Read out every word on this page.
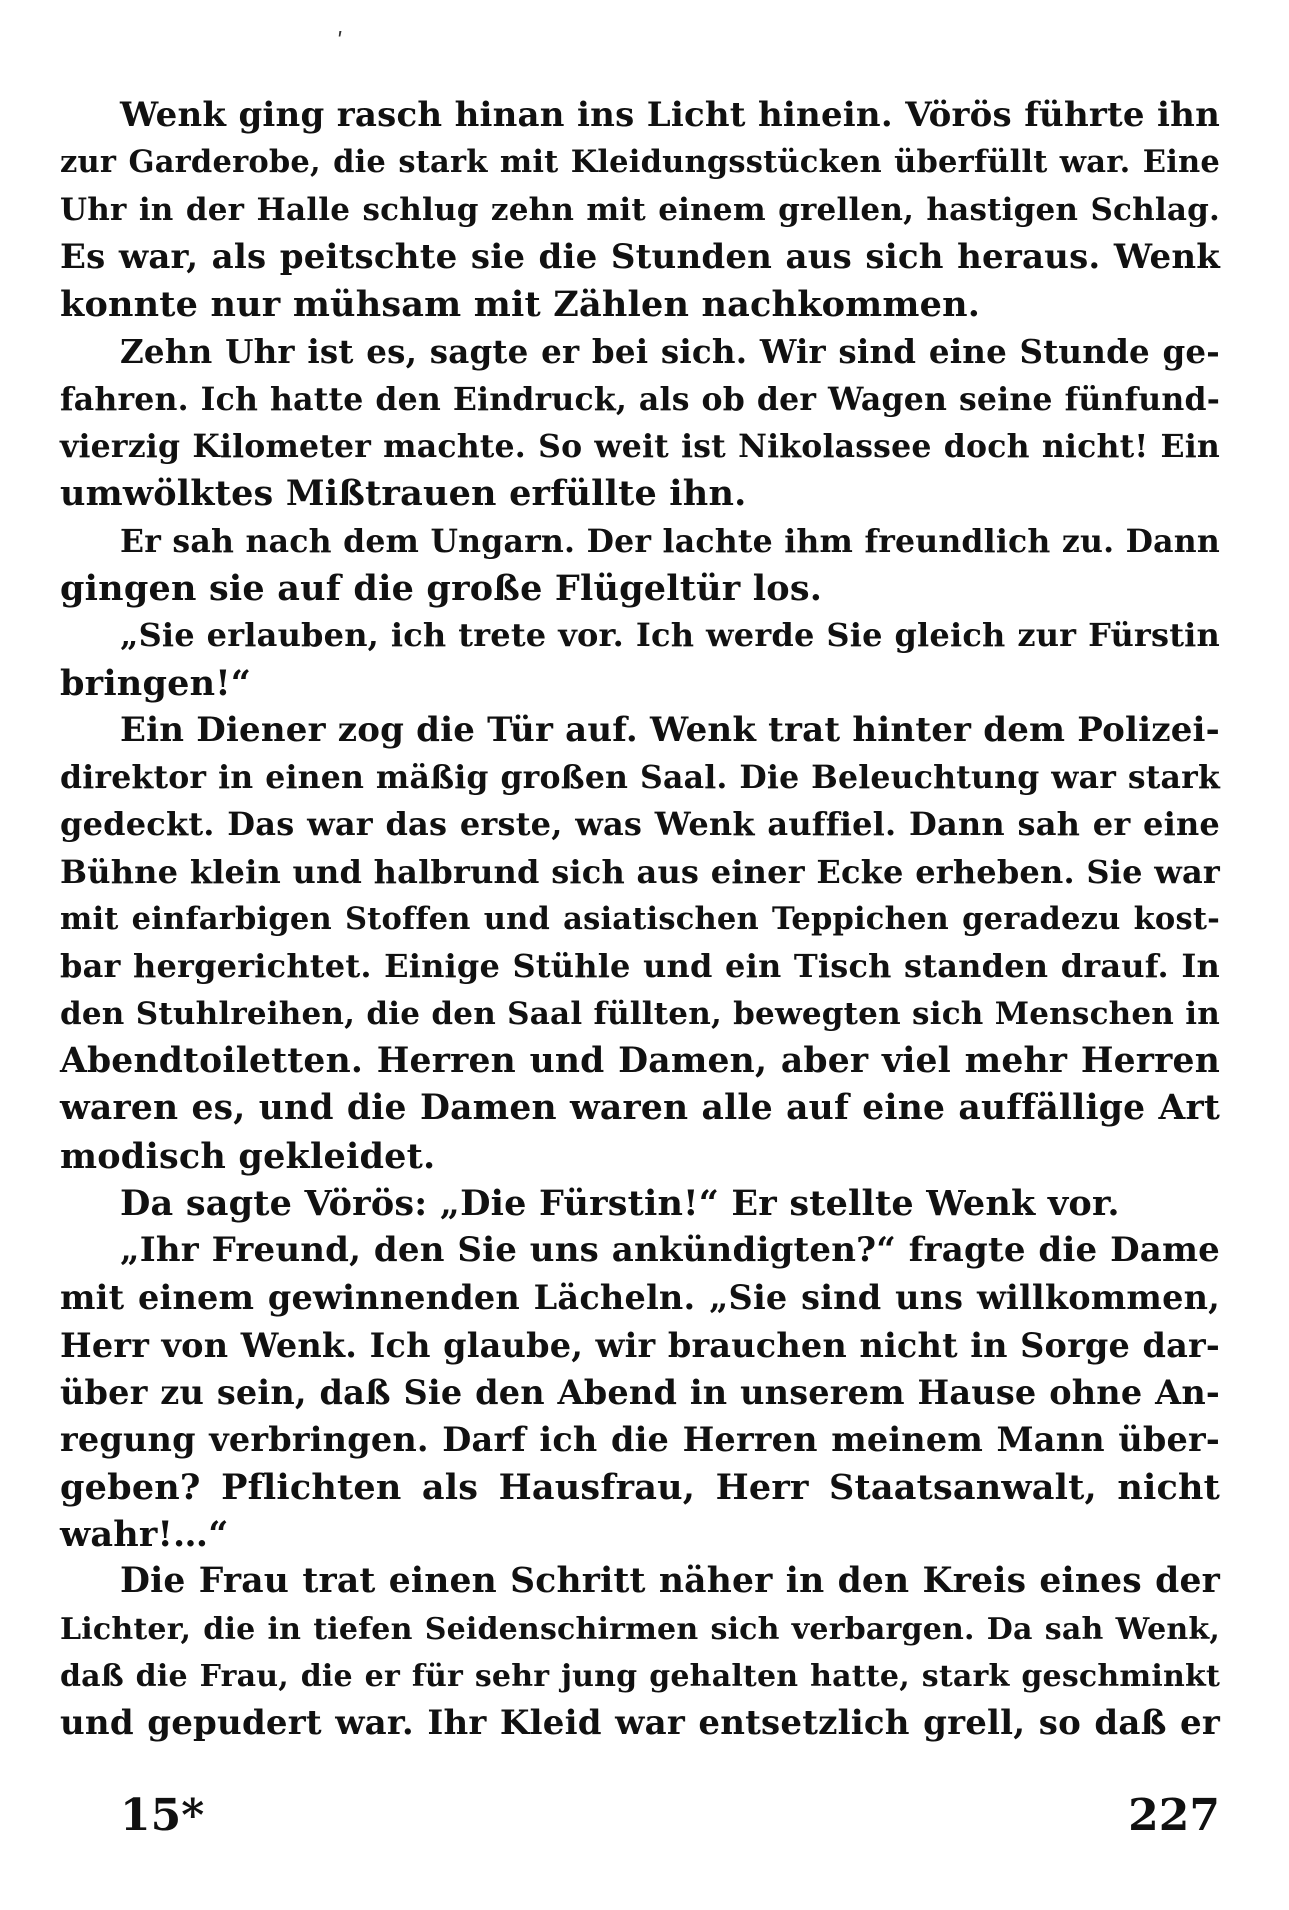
ʹ
Wenk ging rasch hinan ins Licht hinein. Vörös führte ihn
zur Garderobe, die stark mit Kleidungsstücken überfüllt war. Eine
Uhr in der Halle schlug zehn mit einem grellen, hastigen Schlag.
Es war, als peitschte sie die Stunden aus sich heraus. Wenk
konnte nur mühsam mit Zählen nachkommen.
Zehn Uhr ist es, sagte er bei sich. Wir sind eine Stunde ge-
fahren. Ich hatte den Eindruck, als ob der Wagen seine fünfund-
vierzig Kilometer machte. So weit ist Nikolassee doch nicht! Ein
umwölktes Mißtrauen erfüllte ihn.
Er sah nach dem Ungarn. Der lachte ihm freundlich zu. Dann
gingen sie auf die große Flügeltür los.
„Sie erlauben, ich trete vor. Ich werde Sie gleich zur Fürstin
bringen!“
Ein Diener zog die Tür auf. Wenk trat hinter dem Polizei-
direktor in einen mäßig großen Saal. Die Beleuchtung war stark
gedeckt. Das war das erste, was Wenk auffiel. Dann sah er eine
Bühne klein und halbrund sich aus einer Ecke erheben. Sie war
mit einfarbigen Stoffen und asiatischen Teppichen geradezu kost-
bar hergerichtet. Einige Stühle und ein Tisch standen drauf. In
den Stuhlreihen, die den Saal füllten, bewegten sich Menschen in
Abendtoiletten. Herren und Damen, aber viel mehr Herren
waren es, und die Damen waren alle auf eine auffällige Art
modisch gekleidet.
Da sagte Vörös: „Die Fürstin!“ Er stellte Wenk vor.
„Ihr Freund, den Sie uns ankündigten?“ fragte die Dame
mit einem gewinnenden Lächeln. „Sie sind uns willkommen,
Herr von Wenk. Ich glaube, wir brauchen nicht in Sorge dar-
über zu sein, daß Sie den Abend in unserem Hause ohne An-
regung verbringen. Darf ich die Herren meinem Mann über-
geben? Pflichten als Hausfrau, Herr Staatsanwalt, nicht
wahr!…“
Die Frau trat einen Schritt näher in den Kreis eines der
Lichter, die in tiefen Seidenschirmen sich verbargen. Da sah Wenk,
daß die Frau, die er für sehr jung gehalten hatte, stark geschminkt
und gepudert war. Ihr Kleid war entsetzlich grell, so daß er
15*	227
